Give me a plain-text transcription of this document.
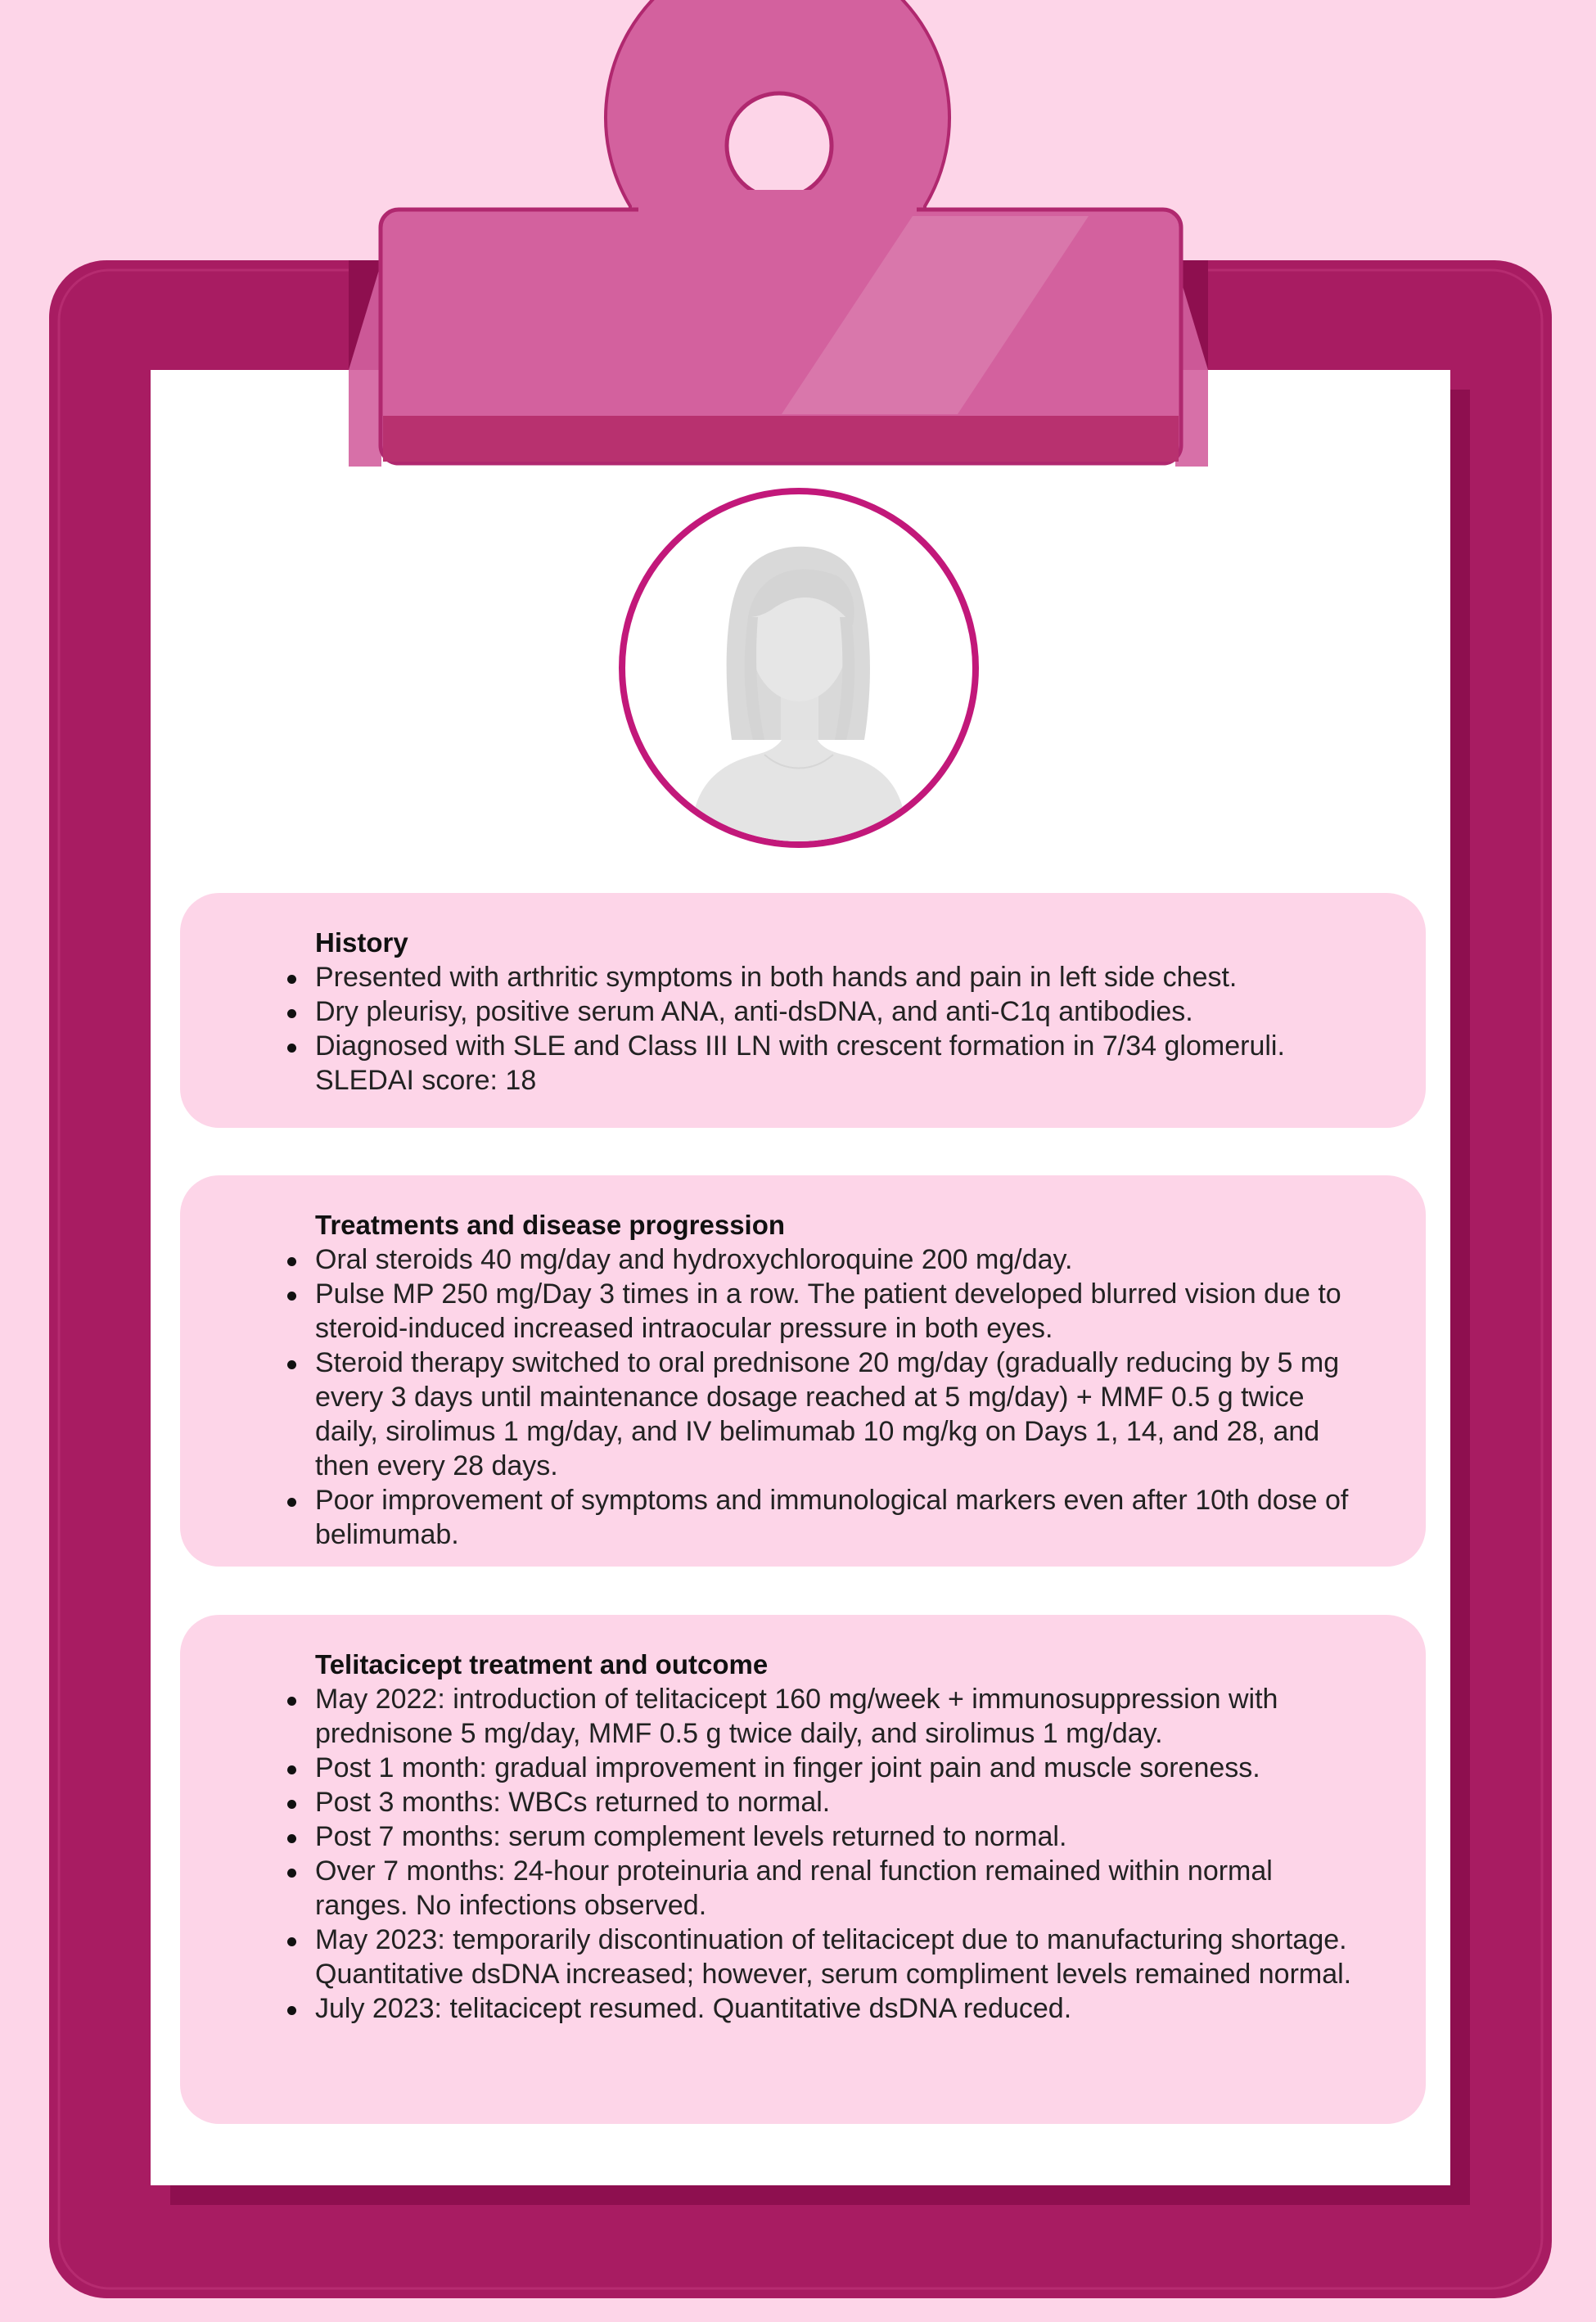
History
Presented with arthritic symptoms in both hands and pain in left side chest.
Dry pleurisy, positive serum ANA, anti-dsDNA, and anti-C1q antibodies.
Diagnosed with SLE and Class III LN with crescent formation in 7/34 glomeruli. SLEDAI score: 18
Treatments and disease progression
Oral steroids 40 mg/day and hydroxychloroquine 200 mg/day.
Pulse MP 250 mg/Day 3 times in a row. The patient developed blurred vision due to steroid-induced increased intraocular pressure in both eyes.
Steroid therapy switched to oral prednisone 20 mg/day (gradually reducing by 5 mg every 3 days until maintenance dosage reached at 5 mg/day) + MMF 0.5 g twice daily, sirolimus 1 mg/day, and IV belimumab 10 mg/kg on Days 1, 14, and 28, and then every 28 days.
Poor improvement of symptoms and immunological markers even after 10th dose of belimumab.
Telitacicept treatment and outcome
May 2022: introduction of telitacicept 160 mg/week + immunosuppression with prednisone 5 mg/day, MMF 0.5 g twice daily, and sirolimus 1 mg/day.
Post 1 month: gradual improvement in finger joint pain and muscle soreness.
Post 3 months: WBCs returned to normal.
Post 7 months: serum complement levels returned to normal.
Over 7 months: 24-hour proteinuria and renal function remained within normal ranges. No infections observed.
May 2023: temporarily discontinuation of telitacicept due to manufacturing shortage. Quantitative dsDNA increased; however, serum compliment levels remained normal.
July 2023: telitacicept resumed. Quantitative dsDNA reduced.
